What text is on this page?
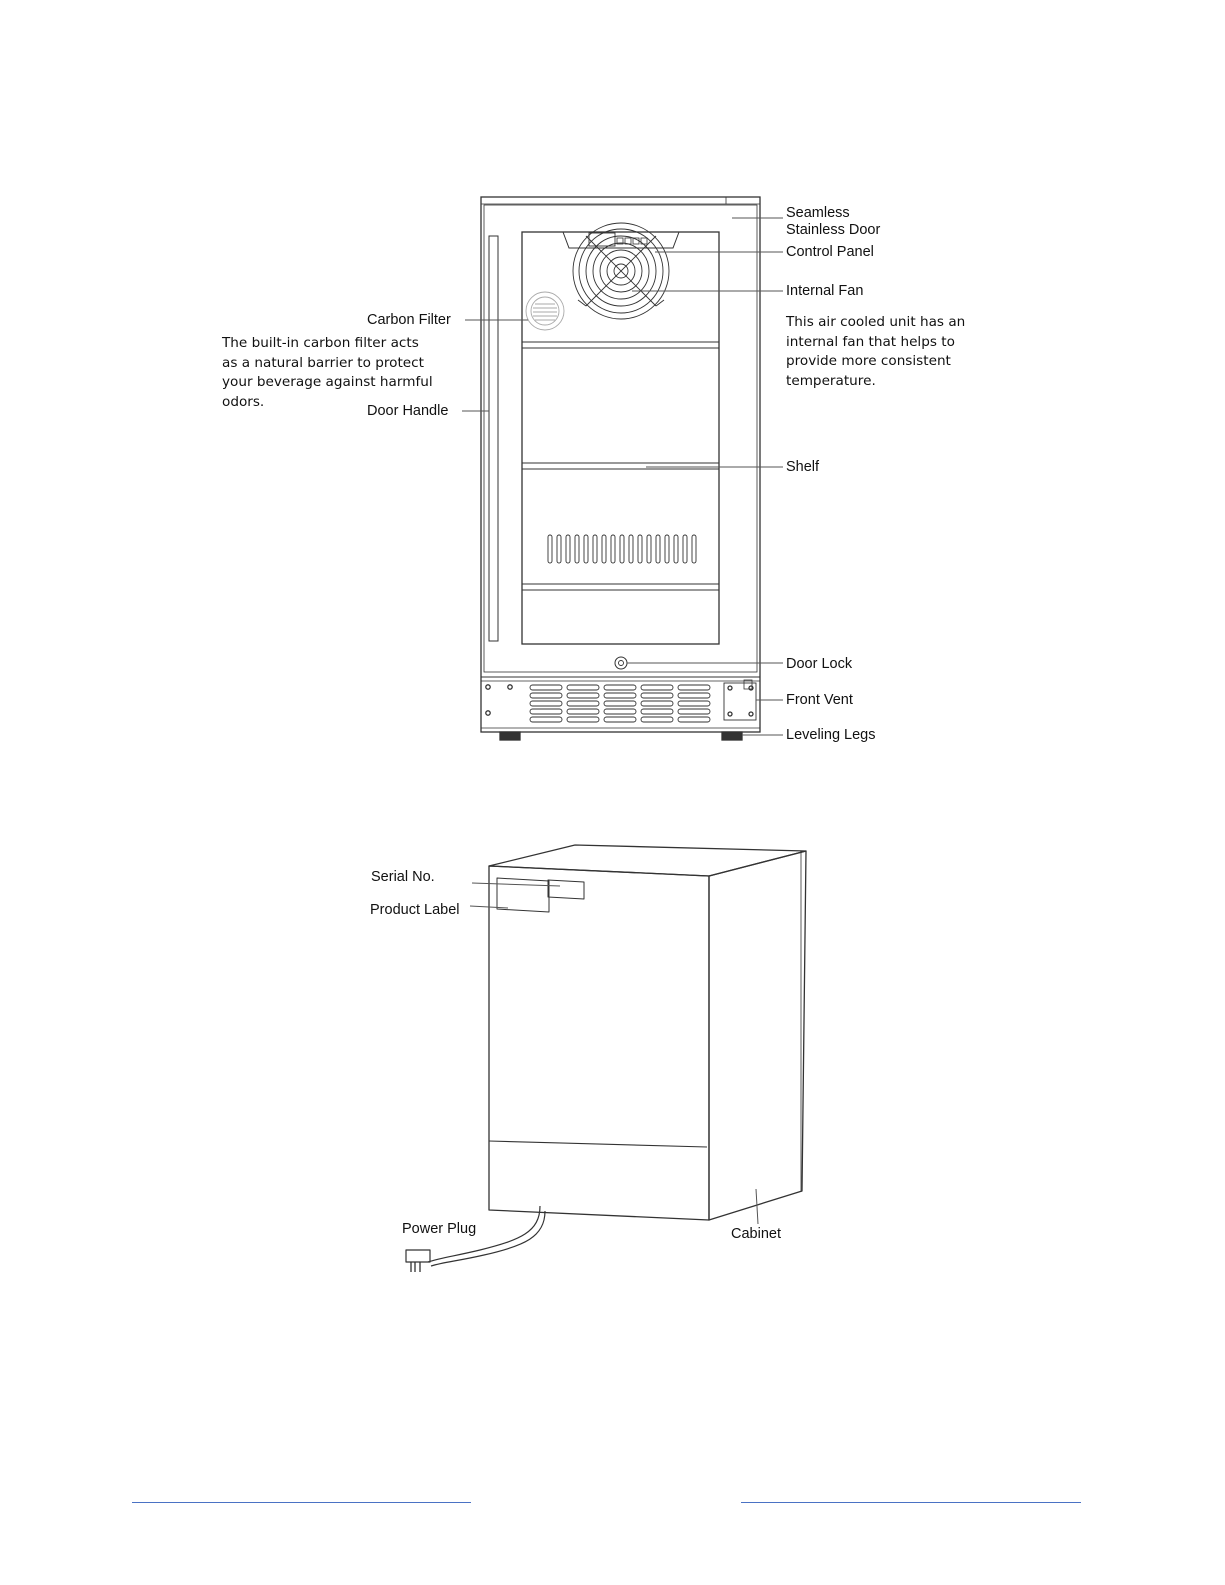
Seamless
Stainless Door
Control Panel
Internal Fan
This air cooled unit has an
internal fan that helps to
provide more consistent
temperature.
Carbon Filter
The built-in carbon filter acts
as a natural barrier to protect
your beverage against harmful
odors.
Door Handle
Shelf
Door Lock
Front Vent
Leveling Legs
Serial No.
Product Label
Power Plug	Cabinet
